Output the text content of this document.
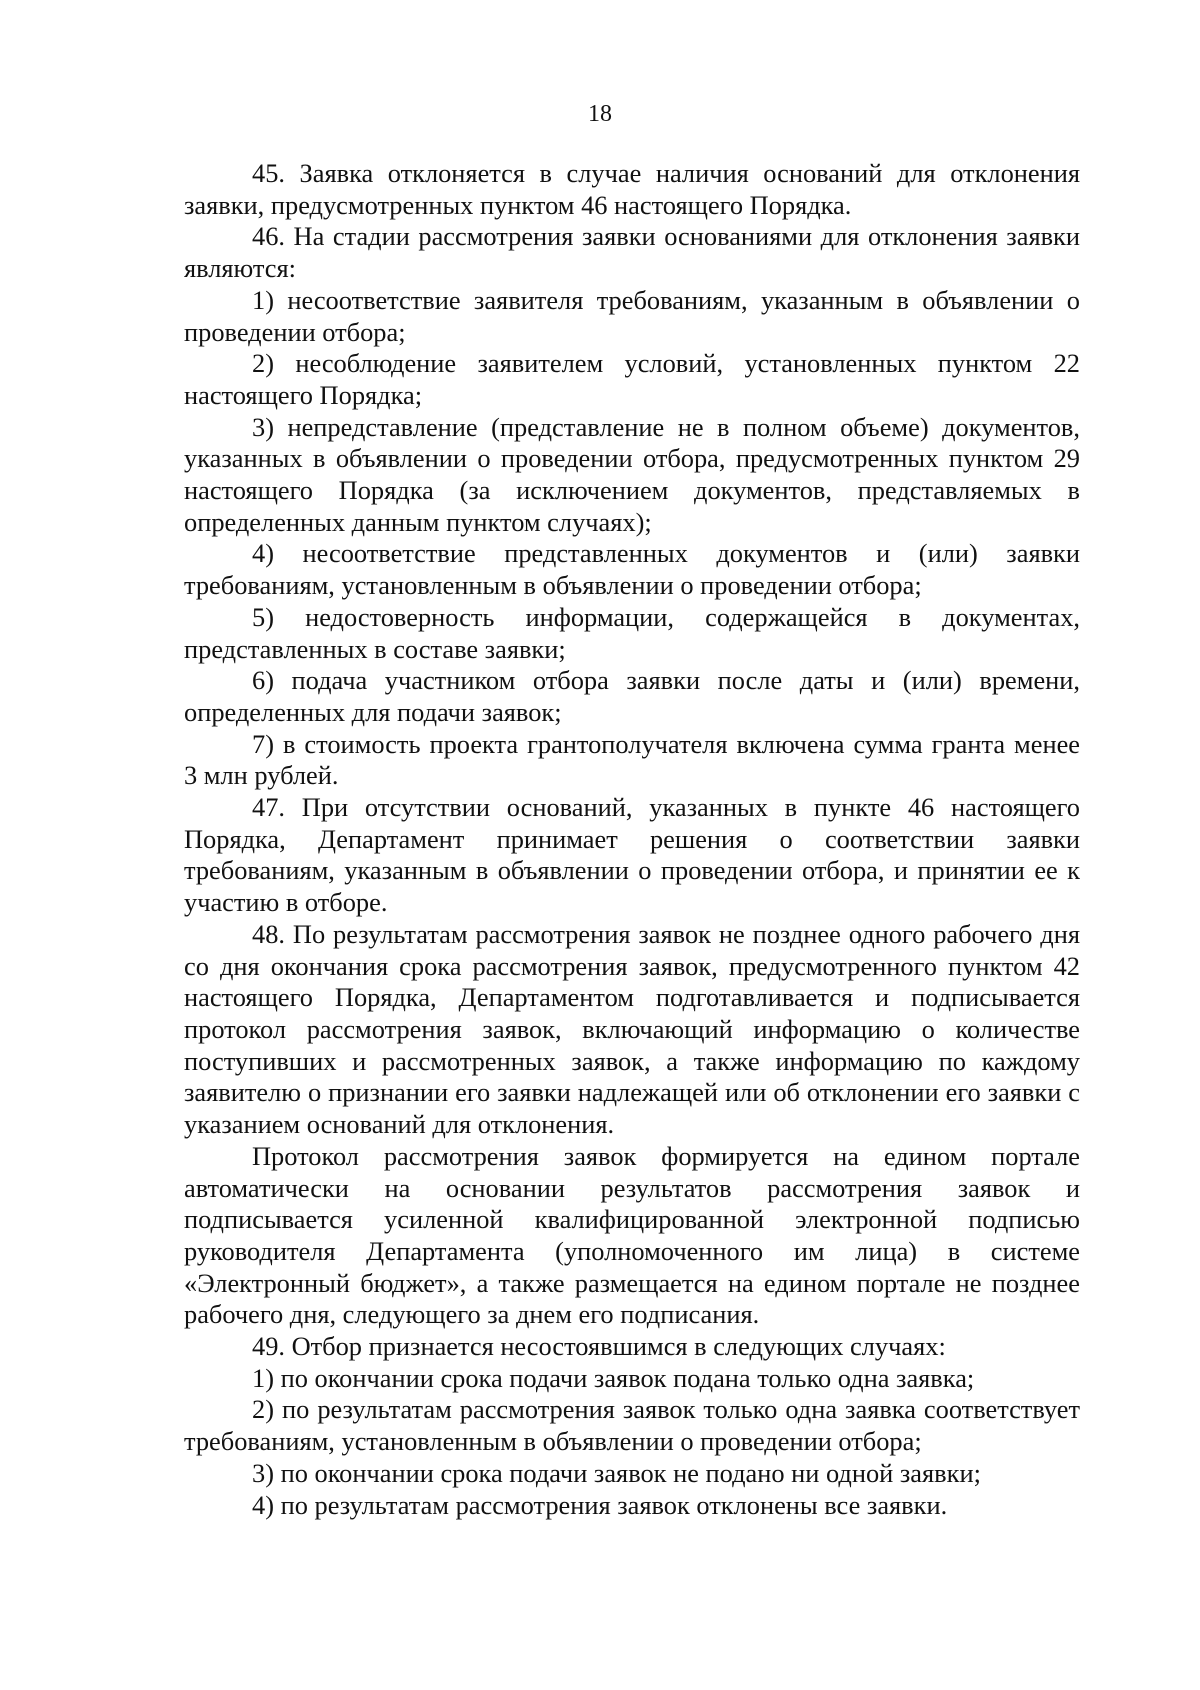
18

45. Заявка отклоняется в случае наличия оснований для отклонения заявки, предусмотренных пунктом 46 настоящего Порядка.

46. На стадии рассмотрения заявки основаниями для отклонения заявки являются:

1) несоответствие заявителя требованиям, указанным в объявлении о проведении отбора;

2) несоблюдение заявителем условий, установленных пунктом 22 настоящего Порядка;

3) непредставление (представление не в полном объеме) документов, указанных в объявлении о проведении отбора, предусмотренных пунктом 29 настоящего Порядка (за исключением документов, представляемых в определенных данным пунктом случаях);

4) несоответствие представленных документов и (или) заявки требованиям, установленным в объявлении о проведении отбора;

5) недостоверность информации, содержащейся в документах, представленных в составе заявки;

6) подача участником отбора заявки после даты и (или) времени, определенных для подачи заявок;

7) в стоимость проекта грантополучателя включена сумма гранта менее 3 млн рублей.

47. При отсутствии оснований, указанных в пункте 46 настоящего Порядка, Департамент принимает решения о соответствии заявки требованиям, указанным в объявлении о проведении отбора, и принятии ее к участию в отборе.

48. По результатам рассмотрения заявок не позднее одного рабочего дня со дня окончания срока рассмотрения заявок, предусмотренного пунктом 42 настоящего Порядка, Департаментом подготавливается и подписывается протокол рассмотрения заявок, включающий информацию о количестве поступивших и рассмотренных заявок, а также информацию по каждому заявителю о признании его заявки надлежащей или об отклонении его заявки с указанием оснований для отклонения.

Протокол рассмотрения заявок формируется на едином портале автоматически на основании результатов рассмотрения заявок и подписывается усиленной квалифицированной электронной подписью руководителя Департамента (уполномоченного им лица) в системе «Электронный бюджет», а также размещается на едином портале не позднее рабочего дня, следующего за днем его подписания.

49. Отбор признается несостоявшимся в следующих случаях:

1) по окончании срока подачи заявок подана только одна заявка;

2) по результатам рассмотрения заявок только одна заявка соответствует требованиям, установленным в объявлении о проведении отбора;

3) по окончании срока подачи заявок не подано ни одной заявки;

4) по результатам рассмотрения заявок отклонены все заявки.
